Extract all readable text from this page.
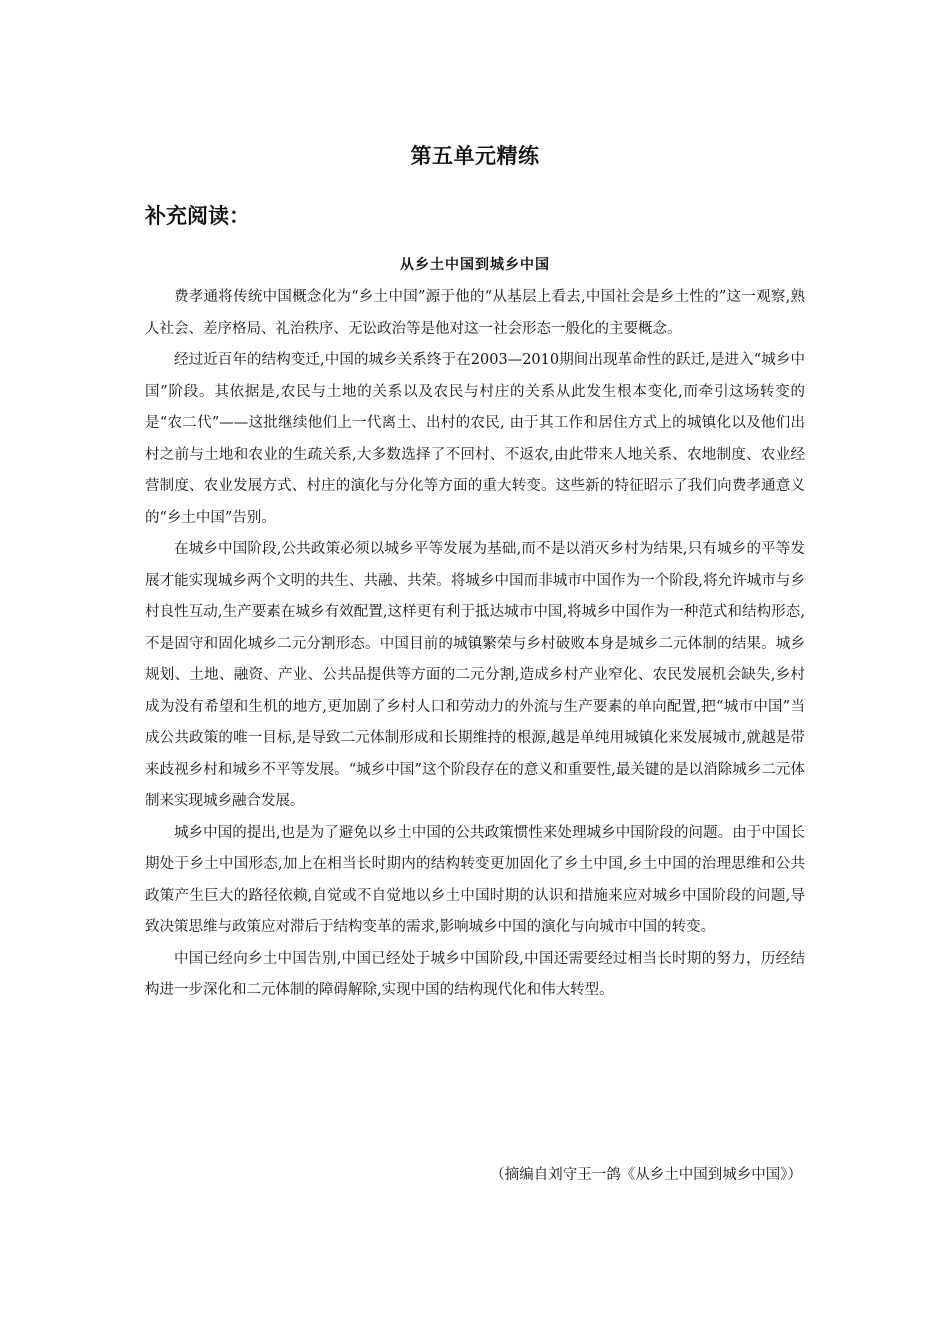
第五单元精练
补充阅读：
从乡土中国到城乡中国

费孝通将传统中国概念化为“乡土中国”源于他的“从基层上看去,中国社会是乡土性的”这一观察,熟人社会、差序格局、礼治秩序、无讼政治等是他对这一社会形态一般化的主要概念。

经过近百年的结构变迁,中国的城乡关系终于在2003—2010期间出现革命性的跃迁,是进入“城乡中国”阶段。其依据是,农民与土地的关系以及农民与村庄的关系从此发生根本变化,而牵引这场转变的是“农二代”——这批继续他们上一代离土、出村的农民, 由于其工作和居住方式上的城镇化以及他们出村之前与土地和农业的生疏关系,大多数选择了不回村、不返农,由此带来人地关系、农地制度、农业经营制度、农业发展方式、村庄的演化与分化等方面的重大转变。这些新的特征昭示了我们向费孝通意义的“乡土中国”告别。

在城乡中国阶段,公共政策必须以城乡平等发展为基础,而不是以消灭乡村为结果,只有城乡的平等发展才能实现城乡两个文明的共生、共融、共荣。将城乡中国而非城市中国作为一个阶段,将允许城市与乡村良性互动,生产要素在城乡有效配置,这样更有利于抵达城市中国,将城乡中国作为一种范式和结构形态,不是固守和固化城乡二元分割形态。中国目前的城镇繁荣与乡村破败本身是城乡二元体制的结果。城乡规划、土地、融资、产业、公共品提供等方面的二元分割,造成乡村产业窄化、农民发展机会缺失,乡村成为没有希望和生机的地方,更加剧了乡村人口和劳动力的外流与生产要素的单向配置,把“城市中国”当成公共政策的唯一目标,是导致二元体制形成和长期维持的根源,越是单纯用城镇化来发展城市,就越是带来歧视乡村和城乡不平等发展。“城乡中国”这个阶段存在的意义和重要性,最关键的是以消除城乡二元体制来实现城乡融合发展。

城乡中国的提出,也是为了避免以乡土中国的公共政策惯性来处理城乡中国阶段的问题。由于中国长期处于乡土中国形态,加上在相当长时期内的结构转变更加固化了乡土中国,乡土中国的治理思维和公共政策产生巨大的路径依赖,自觉或不自觉地以乡土中国时期的认识和措施来应对城乡中国阶段的问题,导致决策思维与政策应对滞后于结构变革的需求,影响城乡中国的演化与向城市中国的转变。

中国已经向乡土中国告别,中国已经处于城乡中国阶段,中国还需要经过相当长时期的努力，历经结构进一步深化和二元体制的障碍解除,实现中国的结构现代化和伟大转型。

（摘编自刘守王一鸽《从乡土中国到城乡中国》）
